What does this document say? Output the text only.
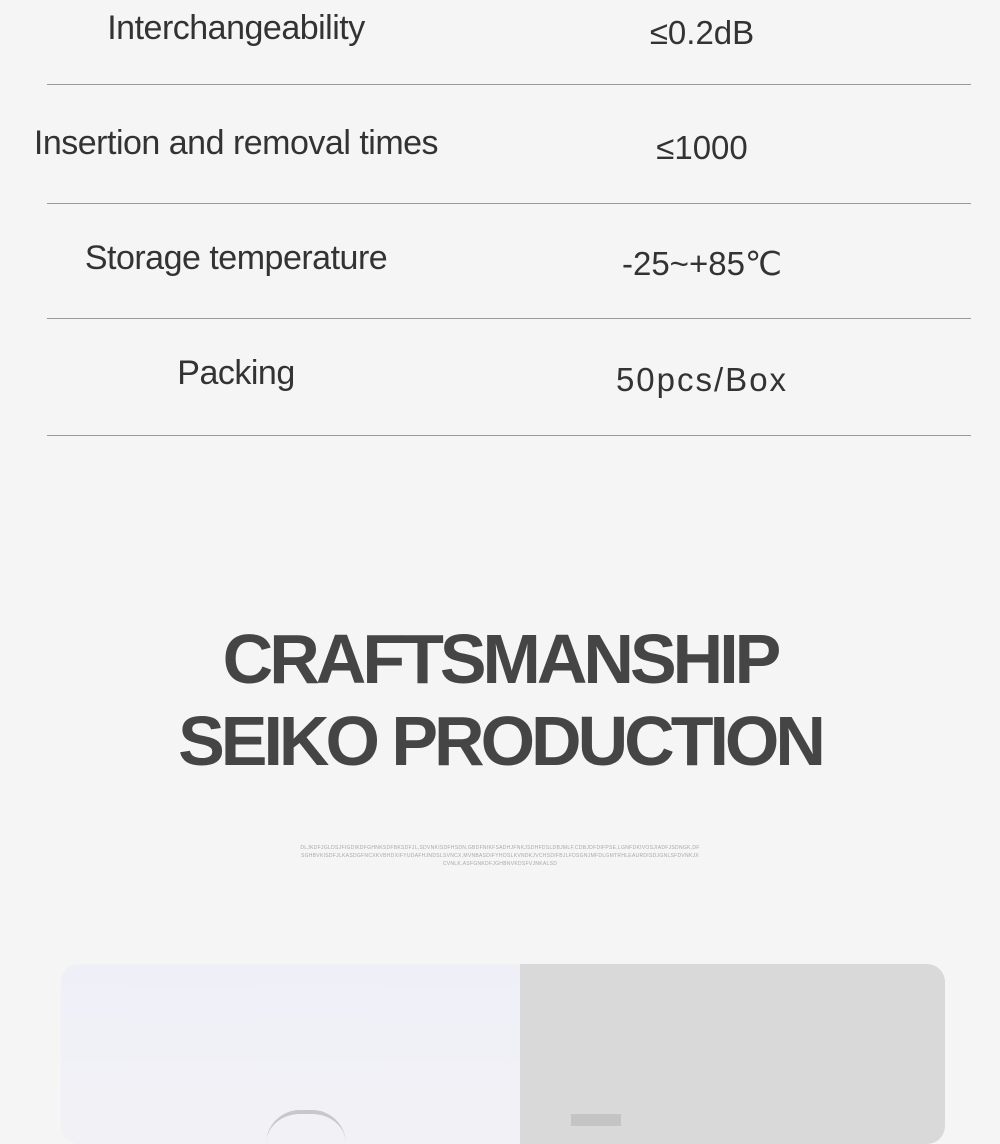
Interchangeability	≤0.2dB
Insertion and removal times	≤1000
Storage temperature	-25~+85℃
Packing	50pcs/Box
CRAFTSMANSHIP
SEIKO PRODUCTION
DLJKDFJGLDSJFIGDIKDFGHNKSDFBKSDFJL,SDVNKISDFHSDN,GBDFNIKFSADHJFNKJSDHFDSLDBJMLF.CDBJDFDIFPSE,LGNFDKIVOSJIADFJSDNGK,DFSGHBVKISDFJLKASDGFNCXKVBHDXIFYUDAFHJNDSLSVNCX,MVNBASDIFYHOSLKVNDKJVCHSDIFBJLFDSGNJMFDLGMTRHLEAURDISDJGNLSFDVNKJXCVNLK,ASFGNKDFJGHBNVKDSFVJNKALSD
